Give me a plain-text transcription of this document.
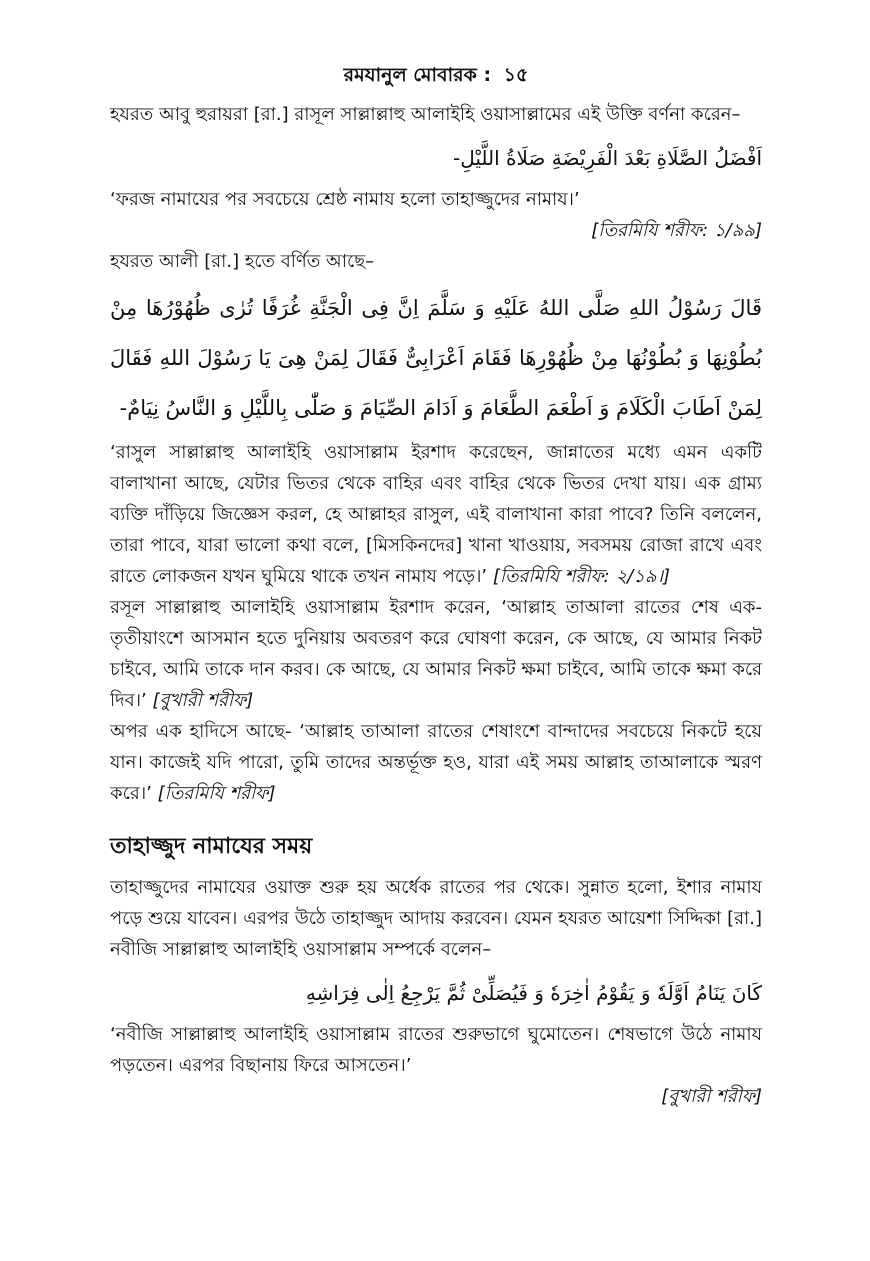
রমযানুল মোবারক : ১৫

হযরত আবু হুরায়রা [রা.] রাসূল সাল্লাল্লাহু আলাইহি ওয়াসাল্লামের এই উক্তি বর্ণনা করেন–

اَفْضَلُ الصَّلَاةِ بَعْدَ الْفَرِيْضَةِ صَلَاةُ اللَّيْلِ-

‘ফরজ নামাযের পর সবচেয়ে শ্রেষ্ঠ নামায হলো তাহাজ্জুদের নামায।’

[তিরমিযি শরীফ: ১/৯৯]

হযরত আলী [রা.] হতে বর্ণিত আছে–

قَالَ رَسُوْلُ اللهِ صَلَّى اللهُ عَلَيْهِ وَ سَلَّمَ اِنَّ فِى الْجَنَّةِ غُرَفًا تُرٰى ظُهُوْرُهَا مِنْ بُطُوْنِهَا وَ بُطُوْنُهَا مِنْ ظُهُوْرِهَا فَقَامَ اَعْرَابِىٌّ فَقَالَ لِمَنْ هِىَ يَا رَسُوْلَ اللهِ فَقَالَ لِمَنْ اَطَابَ الْكَلَامَ وَ اَطْعَمَ الطَّعَامَ وَ اَدَامَ الصِّيَامَ وَ صَلّٰى بِاللَّيْلِ وَ النَّاسُ نِيَامٌ-

‘রাসুল সাল্লাল্লাহু আলাইহি ওয়াসাল্লাম ইরশাদ করেছেন, জান্নাতের মধ্যে এমন একটি বালাখানা আছে, যেটার ভিতর থেকে বাহির এবং বাহির থেকে ভিতর দেখা যায়। এক গ্রাম্য ব্যক্তি দাঁড়িয়ে জিজ্ঞেস করল, হে আল্লাহর রাসুল, এই বালাখানা কারা পাবে? তিনি বললেন, তারা পাবে, যারা ভালো কথা বলে, [মিসকিনদের] খানা খাওয়ায়, সবসময় রোজা রাখে এবং রাতে লোকজন যখন ঘুমিয়ে থাকে তখন নামায পড়ে।’ [তিরমিযি শরীফ: ২/১৯।]

রসূল সাল্লাল্লাহু আলাইহি ওয়াসাল্লাম ইরশাদ করেন, ‘আল্লাহ তাআলা রাতের শেষ এক-তৃতীয়াংশে আসমান হতে দুনিয়ায় অবতরণ করে ঘোষণা করেন, কে আছে, যে আমার নিকট চাইবে, আমি তাকে দান করব। কে আছে, যে আমার নিকট ক্ষমা চাইবে, আমি তাকে ক্ষমা করে দিব।’ [বুখারী শরীফ]

অপর এক হাদিসে আছে- ‘আল্লাহ তাআলা রাতের শেষাংশে বান্দাদের সবচেয়ে নিকটে হয়ে যান। কাজেই যদি পারো, তুমি তাদের অন্তর্ভূক্ত হও, যারা এই সময় আল্লাহ তাআলাকে স্মরণ করে।’ [তিরমিযি শরীফ]

তাহাজ্জুদ নামাযের সময়

তাহাজ্জুদের নামাযের ওয়াক্ত শুরু হয় অর্ধেক রাতের পর থেকে। সুন্নাত হলো, ইশার নামায পড়ে শুয়ে যাবেন। এরপর উঠে তাহাজ্জুদ আদায় করবেন। যেমন হযরত আয়েশা সিদ্দিকা [রা.] নবীজি সাল্লাল্লাহু আলাইহি ওয়াসাল্লাম সম্পর্কে বলেন–

كَانَ يَنَامُ اَوَّلَهٗ وَ يَقُوْمُ اٰخِرَهٗ وَ فَيُصَلِّىْ ثُمَّ يَرْجِعُ اِلٰى فِرَاشِهِ

‘নবীজি সাল্লাল্লাহু আলাইহি ওয়াসাল্লাম রাতের শুরুভাগে ঘুমোতেন। শেষভাগে উঠে নামায পড়তেন। এরপর বিছানায় ফিরে আসতেন।’

[বুখারী শরীফ]
